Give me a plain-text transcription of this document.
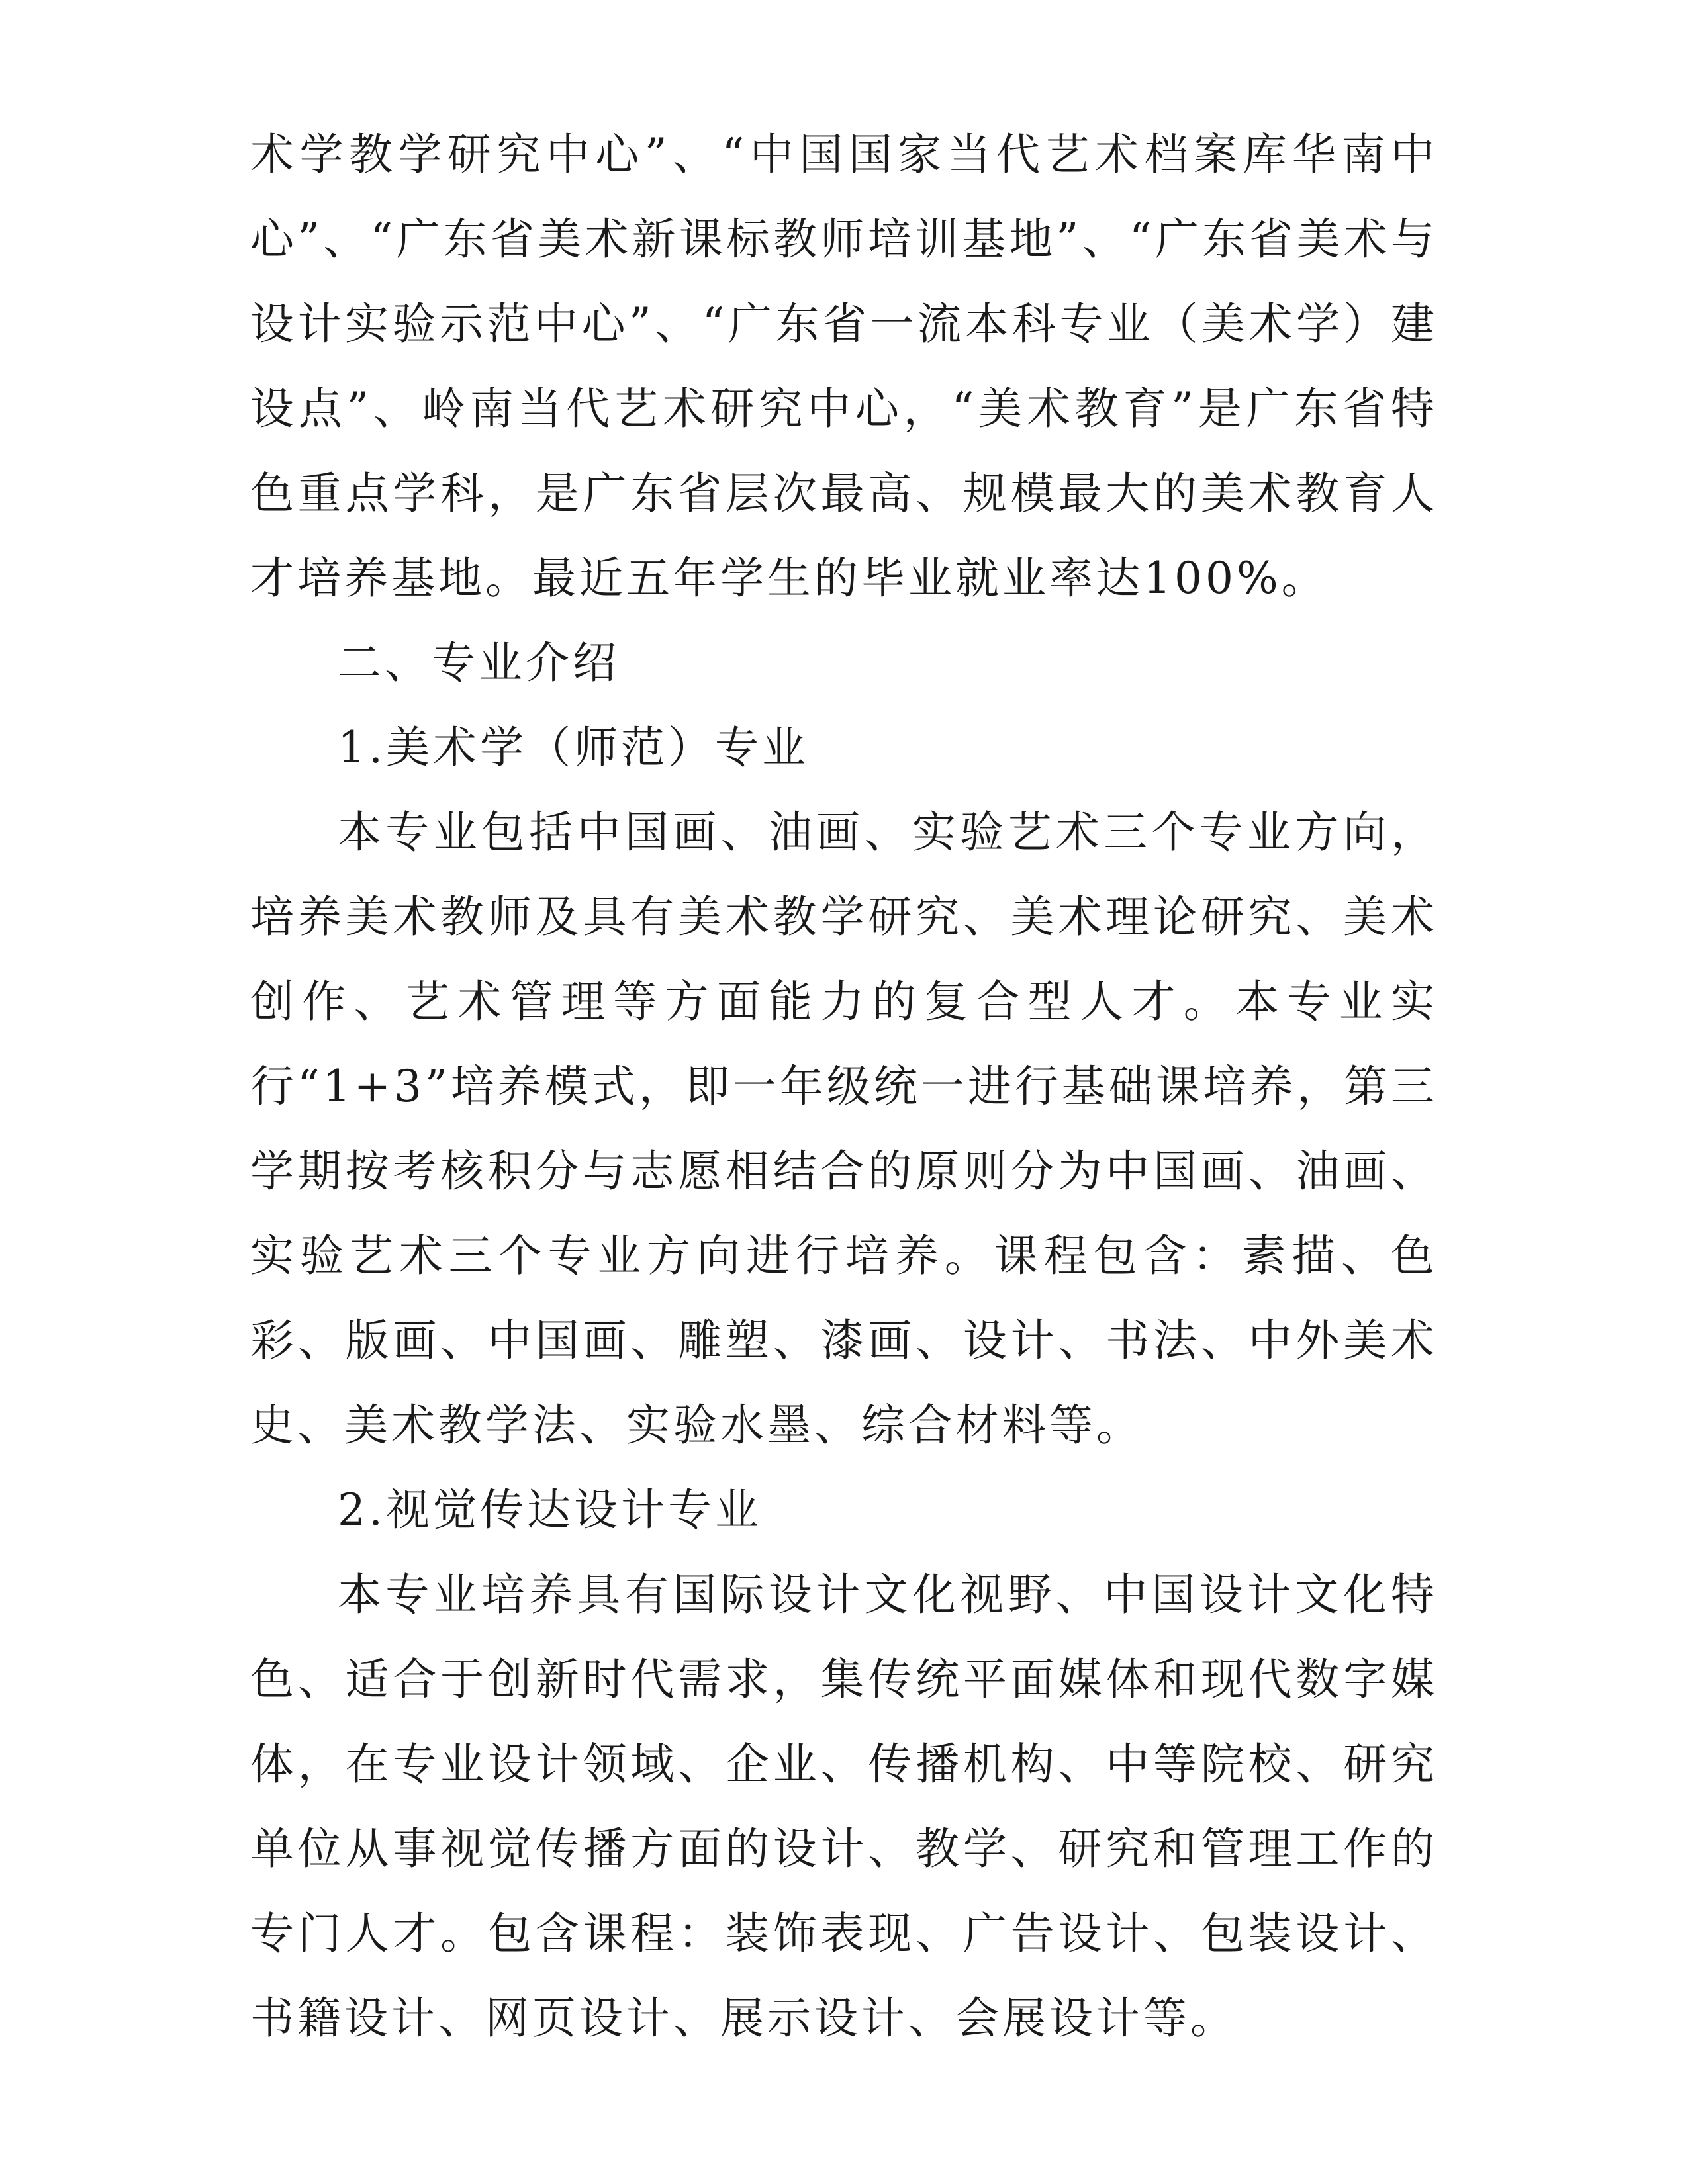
术学教学研究中心”、“中国国家当代艺术档案库华南中心”、“广东省美术新课标教师培训基地”、“广东省美术与设计实验示范中心”、“广东省一流本科专业（美术学）建设点”、岭南当代艺术研究中心，“美术教育”是广东省特色重点学科，是广东省层次最高、规模最大的美术教育人才培养基地。最近五年学生的毕业就业率达100%。

二、专业介绍

1.美术学（师范）专业

本专业包括中国画、油画、实验艺术三个专业方向，培养美术教师及具有美术教学研究、美术理论研究、美术创作、艺术管理等方面能力的复合型人才。本专业实行“1+3”培养模式，即一年级统一进行基础课培养，第三学期按考核积分与志愿相结合的原则分为中国画、油画、实验艺术三个专业方向进行培养。课程包含：素描、色彩、版画、中国画、雕塑、漆画、设计、书法、中外美术史、美术教学法、实验水墨、综合材料等。

2.视觉传达设计专业

本专业培养具有国际设计文化视野、中国设计文化特色、适合于创新时代需求，集传统平面媒体和现代数字媒体，在专业设计领域、企业、传播机构、中等院校、研究单位从事视觉传播方面的设计、教学、研究和管理工作的专门人才。包含课程：装饰表现、广告设计、包装设计、书籍设计、网页设计、展示设计、会展设计等。
